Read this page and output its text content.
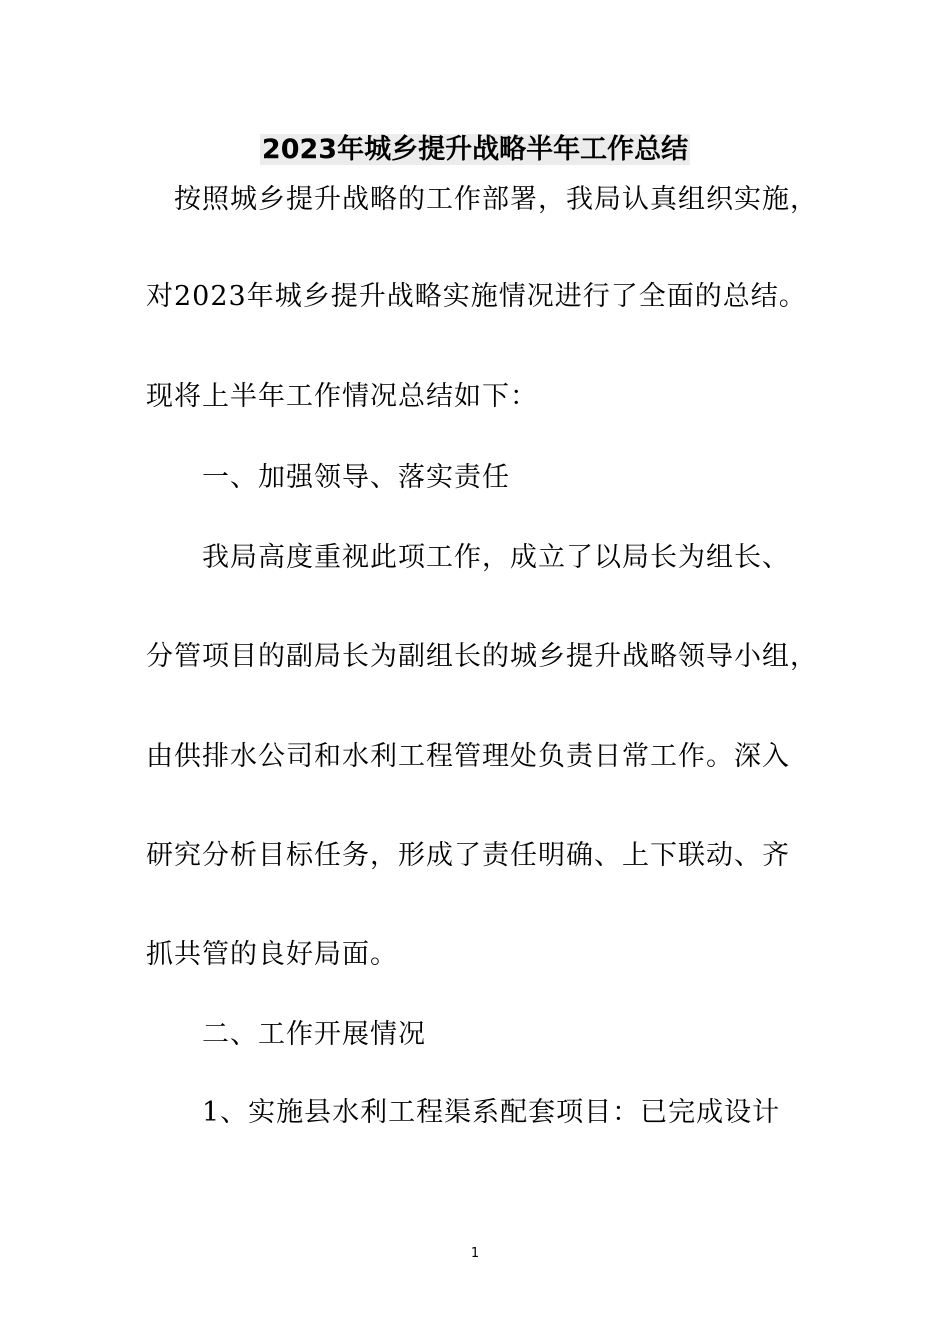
2023年城乡提升战略半年工作总结
按照城乡提升战略的工作部署，我局认真组织实施，
对2023年城乡提升战略实施情况进行了全面的总结。
现将上半年工作情况总结如下：
一、加强领导、落实责任
我局高度重视此项工作，成立了以局长为组长、
分管项目的副局长为副组长的城乡提升战略领导小组，
由供排水公司和水利工程管理处负责日常工作。深入
研究分析目标任务，形成了责任明确、上下联动、齐
抓共管的良好局面。
二、工作开展情况
1、实施县水利工程渠系配套项目：已完成设计
1
